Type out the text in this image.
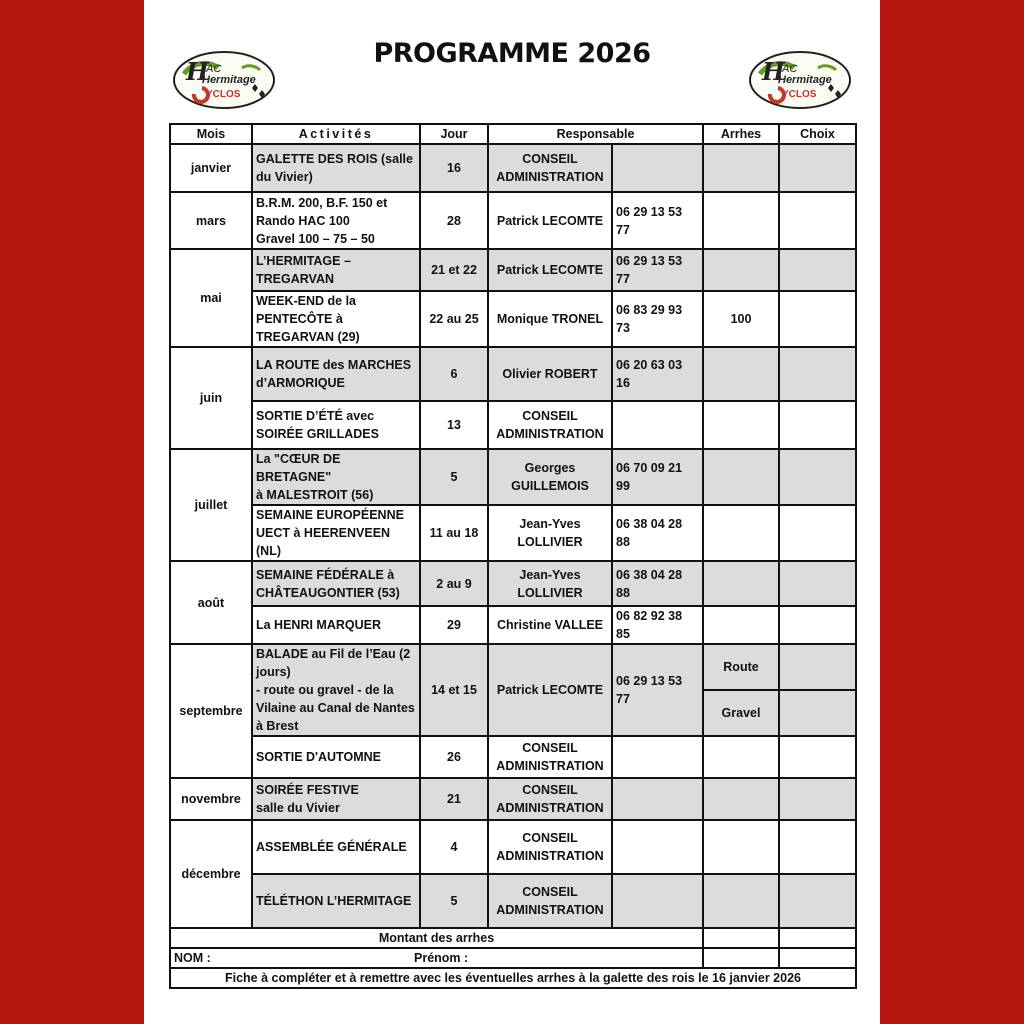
PROGRAMME 2026
H
AC
Hermitage
YCLOS
H
AC
Hermitage
YCLOS
Mois	Activités	Jour	Responsable		Arrhes	Choix
janvier	GALETTE DES ROIS (salle
du Vivier)	16	CONSEIL
ADMINISTRATION			
mars	B.R.M. 200, B.F. 150 et
Rando HAC 100
Gravel 100 – 75 – 50	28	Patrick LECOMTE	06 29 13 53 77		
mai	L’HERMITAGE –
TREGARVAN	21 et 22	Patrick LECOMTE	06 29 13 53 77		
	WEEK-END de la
PENTECÔTE à
TREGARVAN (29)	22 au 25	Monique TRONEL	06 83 29 93 73	100	
juin	LA ROUTE des MARCHES
d’ARMORIQUE	6	Olivier ROBERT	06 20 63 03 16		
	SORTIE D’ÉTÉ avec
SOIRÉE GRILLADES	13	CONSEIL
ADMINISTRATION			
juillet	La "CŒUR DE BRETAGNE"
à MALESTROIT (56)	5	Georges
GUILLEMOIS	06 70 09 21 99		
	SEMAINE EUROPÉENNE
UECT à HEERENVEEN (NL)	11 au 18	Jean-Yves
LOLLIVIER	06 38 04 28 88		
août	SEMAINE FÉDÉRALE à
CHÂTEAUGONTIER (53)	2 au 9	Jean-Yves
LOLLIVIER	06 38 04 28 88		
	La HENRI MARQUER	29	Christine VALLEE	06 82 92 38 85		
septembre	BALADE au Fil de l’Eau (2
jours)
- route ou gravel - de la
Vilaine au Canal de Nantes
à Brest	14 et 15	Patrick LECOMTE	06 29 13 53 77	Route	
					Gravel	
	SORTIE D'AUTOMNE	26	CONSEIL
ADMINISTRATION			
novembre	SOIRÉE FESTIVE
salle du Vivier	21	CONSEIL
ADMINISTRATION			
décembre	ASSEMBLÉE GÉNÉRALE	4	CONSEIL
ADMINISTRATION			
	TÉLÉTHON L’HERMITAGE	5	CONSEIL
ADMINISTRATION			
Montant des arrhes						
NOM : Prénom :						
Fiche à compléter et à remettre avec les éventuelles arrhes à la galette des rois le 16 janvier 2026						
